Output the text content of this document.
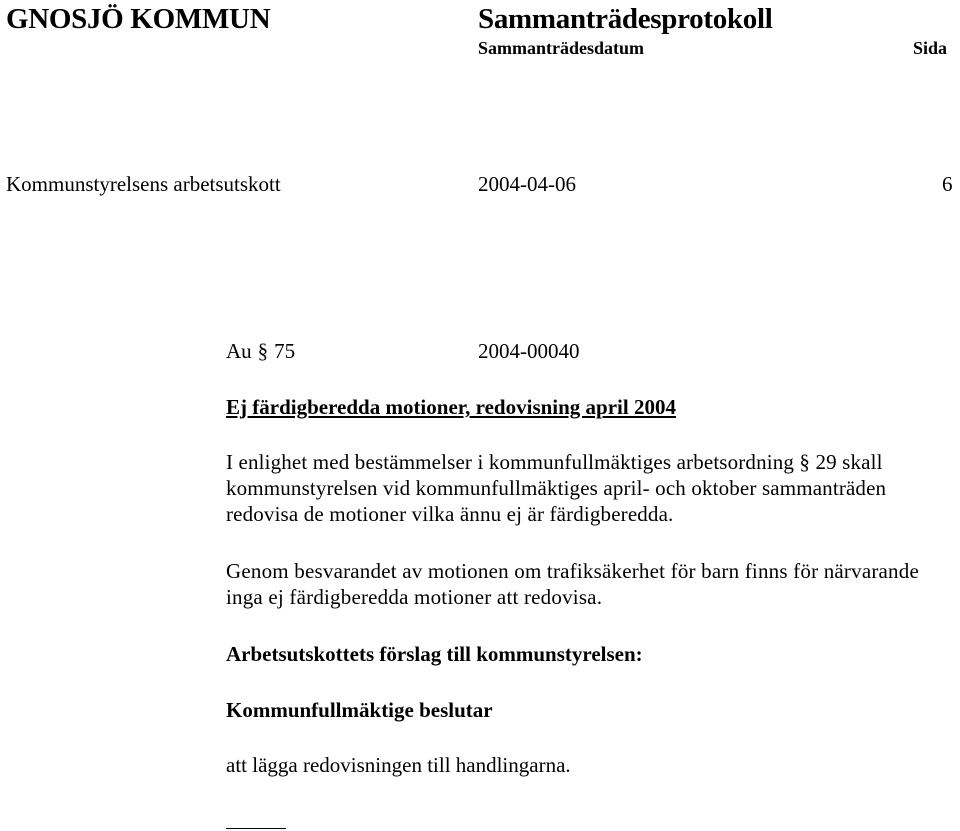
GNOSJÖ KOMMUN	Sammanträdesprotokoll
Sammanträdesdatum	Sida
Kommunstyrelsens arbetsutskott	2004-04-06	6
Au § 75	2004-00040
Ej färdigberedda motioner, redovisning april 2004
I enlighet med bestämmelser i kommunfullmäktiges arbetsordning § 29 skall kommunstyrelsen vid kommunfullmäktiges april- och oktober sammanträden redovisa de motioner vilka ännu ej är färdigberedda.
Genom besvarandet av motionen om trafiksäkerhet för barn finns för närvarande inga ej färdigberedda motioner att redovisa.
Arbetsutskottets förslag till kommunstyrelsen:
Kommunfullmäktige beslutar
att lägga redovisningen till handlingarna.
